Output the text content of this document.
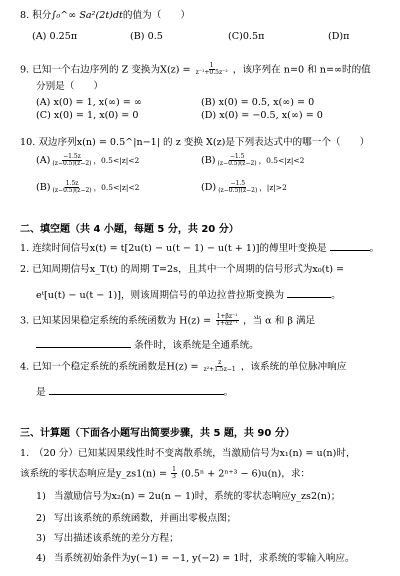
8. 积分∫₀^∞ Sa²(2t)dt的值为（　　）
(A) 0.25π	(B) 0.5	(C)0.5π	(D)π
9. 已知一个右边序列的 Z 变换为$X(z) = \frac{1}{\text{z⁻¹+0.5z⁻²}}$ ，该序列在 n=0 和 n=∞时的值
分别是（　　）
(A) x(0) = 1, x(∞) = ∞	(B) x(0) = 0.5, x(∞) = 0
(C) x(0) = 1, x(0) = 0	(D) x(0) = −0.5, x(∞) = 0
10. 双边序列x(n) = 0.5^|n−1| 的 z 变换 X(z)是下列表达式中的哪一个（　　）
$(A) \frac{-1.5z}{(z-0.5)(z-2)}$ ，0.5<|z|<2	$(B) \frac{-1.5}{(z-0.5)(z-2)}$ ，0.5<|z|<2
$(B) \frac{1.5z}{(z-0.5)(z-2)}$ ，0.5<|z|<2	$(D) \frac{-1.5}{(z-0.5)(z-2)}$ ，|z|>2
二、填空题（共 4 小题，每题 5 分，共 20 分）
1. 连续时间信号x(t) = t[2u(t) − u(t − 1) − u(t + 1)]的傅里叶变换是	。
2. 已知周期信号x_T(t) 的周期 T=2s，且其中一个周期的信号形式为x₀(t) =
eᵗ[u(t) − u(t − 1)]，则该周期信号的单边拉普拉斯变换为	。
3. 已知某因果稳定系统的系统函数为 $H(z) = \frac{\text{1+βz⁻¹}}{\text{1+αz⁻¹}}$ ，当 α 和 β 满足
条件时，该系统是全通系统。
4. 已知一个稳定系统的系统函数是$H(z) = \frac{z}{\text{z²+1.5z−1}}$ ，该系统的单位脉冲响应
是	。
三、计算题（下面各小题写出简要步骤，共 5 题，共 90 分）
1.　（20 分）已知某因果线性时不变离散系统，当激励信号为x₁(n) = u(n)时，
该系统的零状态响应是y_zs1(n) = $\frac{1}{3} (0.5^n + 2^{n+3} - 6)u(n)$，求：
1) 当激励信号为x₂(n) = 2u(n − 1)时，系统的零状态响应y_zs2(n)；
2) 写出该系统的系统函数，并画出零极点图；
3) 写出描述该系统的差分方程；
4) 当系统初始条件为y(−1) = −1, y(−2) = 1时，求系统的零输入响应。
